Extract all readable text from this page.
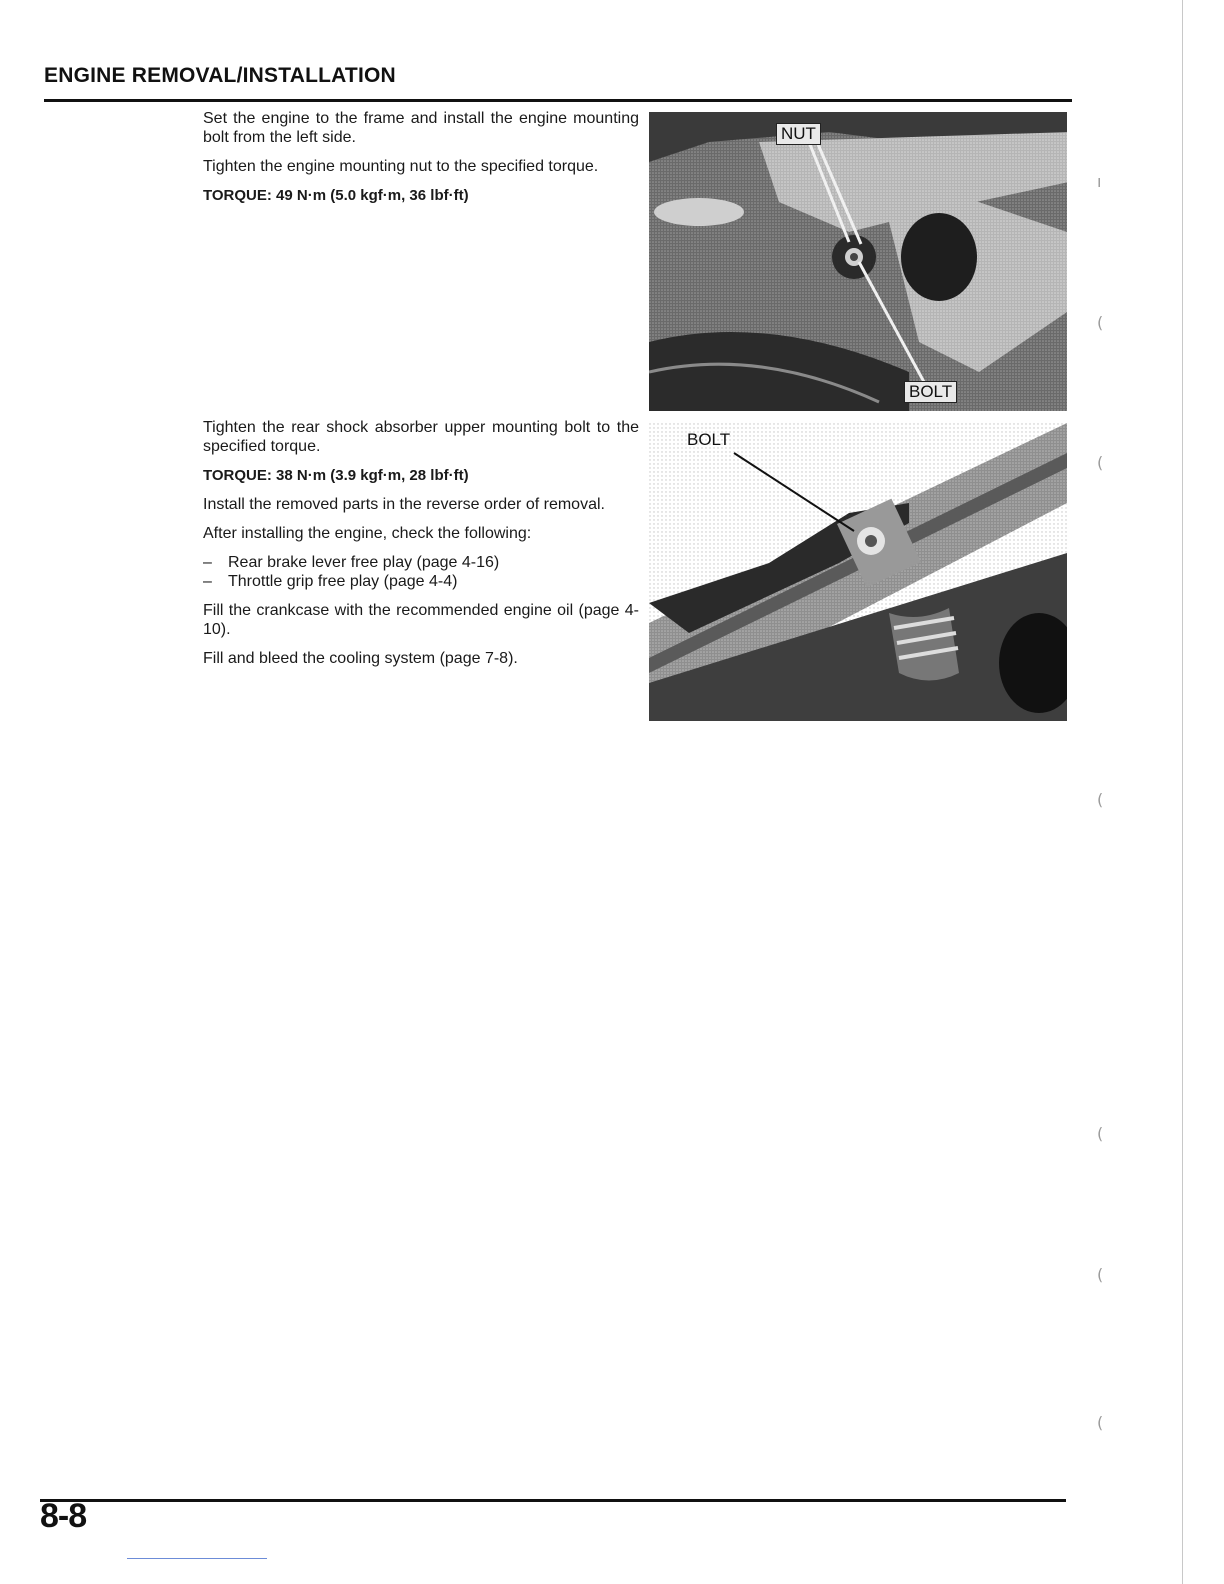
ENGINE REMOVAL/INSTALLATION

Set the engine to the frame and install the engine mounting bolt from the left side.

Tighten the engine mounting nut to the specified torque.

TORQUE: 49 N·m (5.0 kgf·m, 36 lbf·ft)

Tighten the rear shock absorber upper mounting bolt to the specified torque.

TORQUE: 38 N·m (3.9 kgf·m, 28 lbf·ft)

Install the removed parts in the reverse order of removal.

After installing the engine, check the following:

– Rear brake lever free play (page 4-16)
– Throttle grip free play (page 4-4)

Fill the crankcase with the recommended engine oil (page 4-10).

Fill and bleed the cooling system (page 7-8).

NUT
BOLT
BOLT
ı
(
(
(
(
(
(
8-8
